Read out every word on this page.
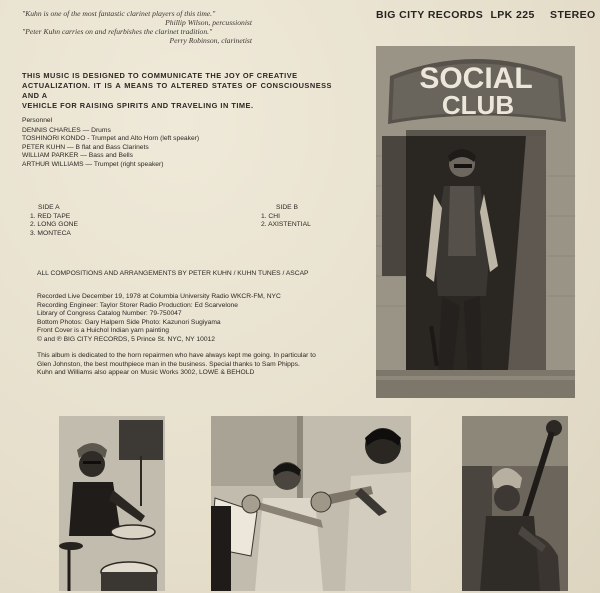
"Kuhn is one of the most fantastic clarinet players of this time."
Phillip Wilson, percussionist
"Peter Kuhn carries on and refurbishes the clarinet tradition."
Perry Robinson, clarinetist
BIG CITY RECORDS LPK 225 STEREO
THIS MUSIC IS DESIGNED TO COMMUNICATE THE JOY OF CREATIVE
ACTUALIZATION. IT IS A MEANS TO ALTERED STATES OF CONSCIOUSNESS AND A
VEHICLE FOR RAISING SPIRITS AND TRAVELING IN TIME.
Personnel
DENNIS CHARLES — Drums
TOSHINORI KONDO - Trumpet and Alto Horn (left speaker)
PETER KUHN — B flat and Bass Clarinets
WILLIAM PARKER — Bass and Bells
ARTHUR WILLIAMS — Trumpet (right speaker)
SIDE A
1. RED TAPE
2. LONG GONE
3. MONTECA
SIDE B
1. CHI
2. AXISTENTIAL
ALL COMPOSITIONS AND ARRANGEMENTS BY PETER KUHN / KUHN TUNES / ASCAP
Recorded Live December 19, 1978 at Columbia University Radio WKCR-FM, NYC
Recording Engineer: Taylor Storer Radio Production: Ed Scarvelone
Library of Congress Catalog Number: 79-750047
Bottom Photos: Gary Halpern Side Photo: Kazunori Sugiyama
Front Cover is a Huichol Indian yarn painting
© and ℗ BIG CITY RECORDS, 5 Prince St. NYC, NY 10012
This album is dedicated to the horn repairmen who have always kept me going. In particular to
Glen Johnston, the best mouthpiece man in the business. Special thanks to Sam Phipps.
Kuhn and Williams also appear on Music Works 3002, LOWE & BEHOLD
SOCIAL
CLUB
